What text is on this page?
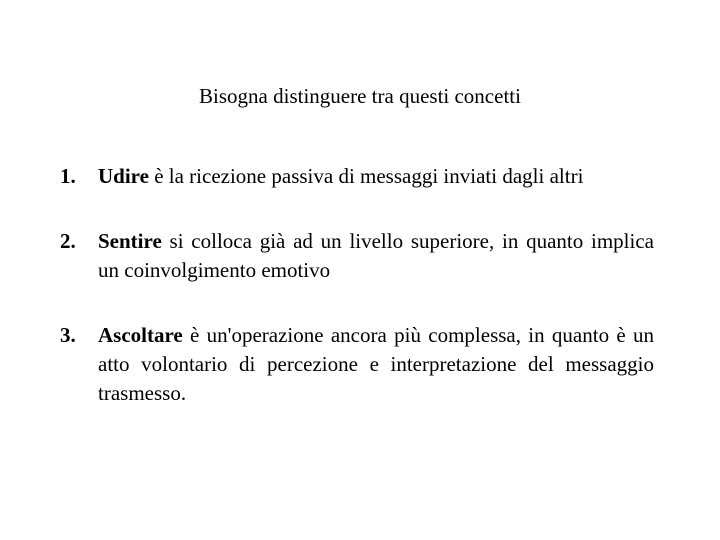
Bisogna distinguere tra questi concetti
1. Udire è la ricezione passiva di messaggi inviati dagli altri
2. Sentire si colloca già ad un livello superiore, in quanto implica un coinvolgimento emotivo
3. Ascoltare è un'operazione ancora più complessa, in quanto è un atto volontario di percezione e interpretazione del messaggio trasmesso.
